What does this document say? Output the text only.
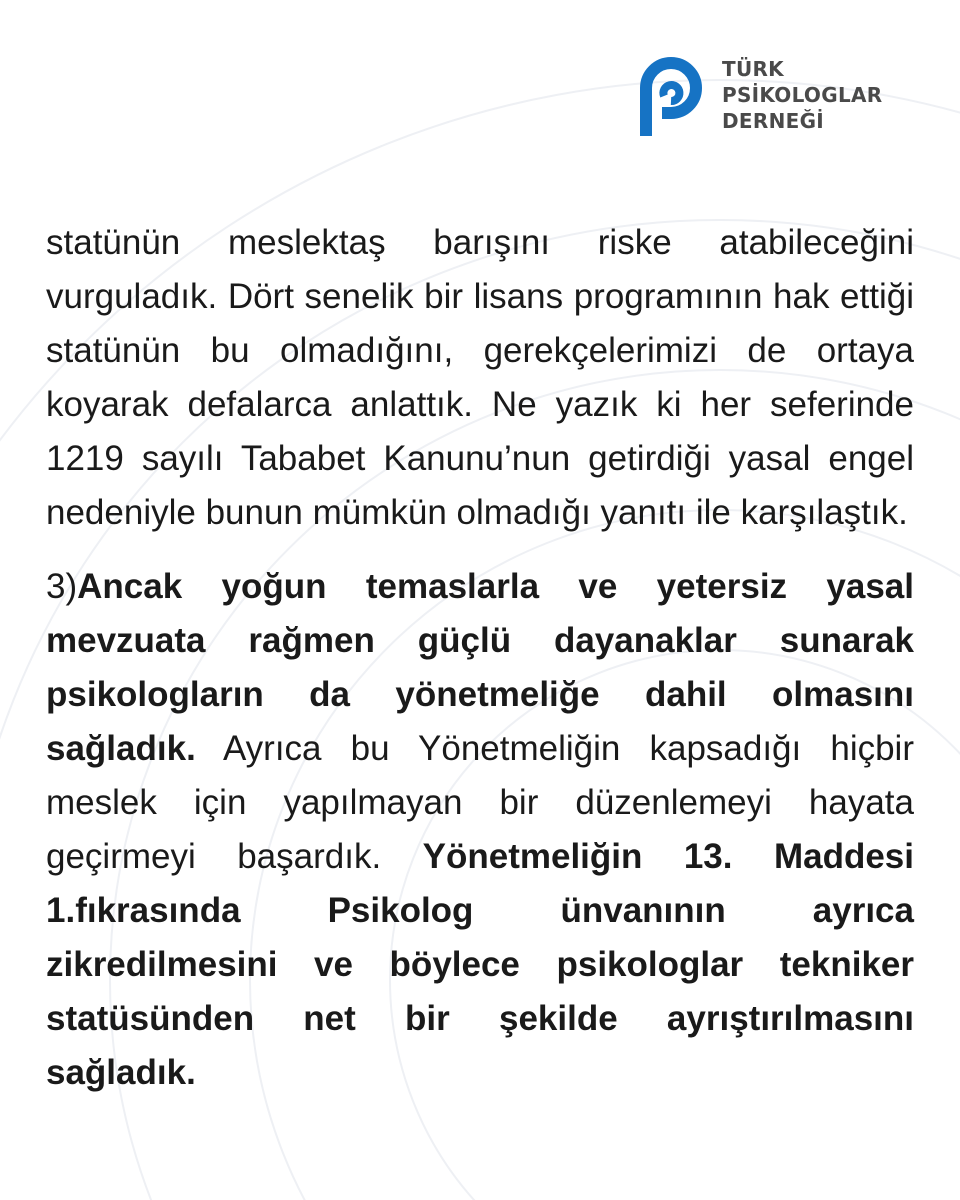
TÜRK
PSİKOLOGLAR
DERNEĞİ

statünün meslektaş barışını riske atabileceğini vurguladık. Dört senelik bir lisans programının hak ettiği statünün bu olmadığını, gerekçelerimizi de ortaya koyarak defalarca anlattık. Ne yazık ki her seferinde 1219 sayılı Tababet Kanunu’nun getirdiği yasal engel nedeniyle bunun mümkün olmadığı yanıtı ile karşılaştık.

3)Ancak yoğun temaslarla ve yetersiz yasal mevzuata rağmen güçlü dayanaklar sunarak psikologların da yönetmeliğe dahil olmasını sağladık. Ayrıca bu Yönetmeliğin kapsadığı hiçbir meslek için yapılmayan bir düzenlemeyi hayata geçirmeyi başardık. Yönetmeliğin 13. Maddesi 1.fıkrasında Psikolog ünvanının ayrıca zikredilmesini ve böylece psikologlar tekniker statüsünden net bir şekilde ayrıştırılmasını sağladık.
